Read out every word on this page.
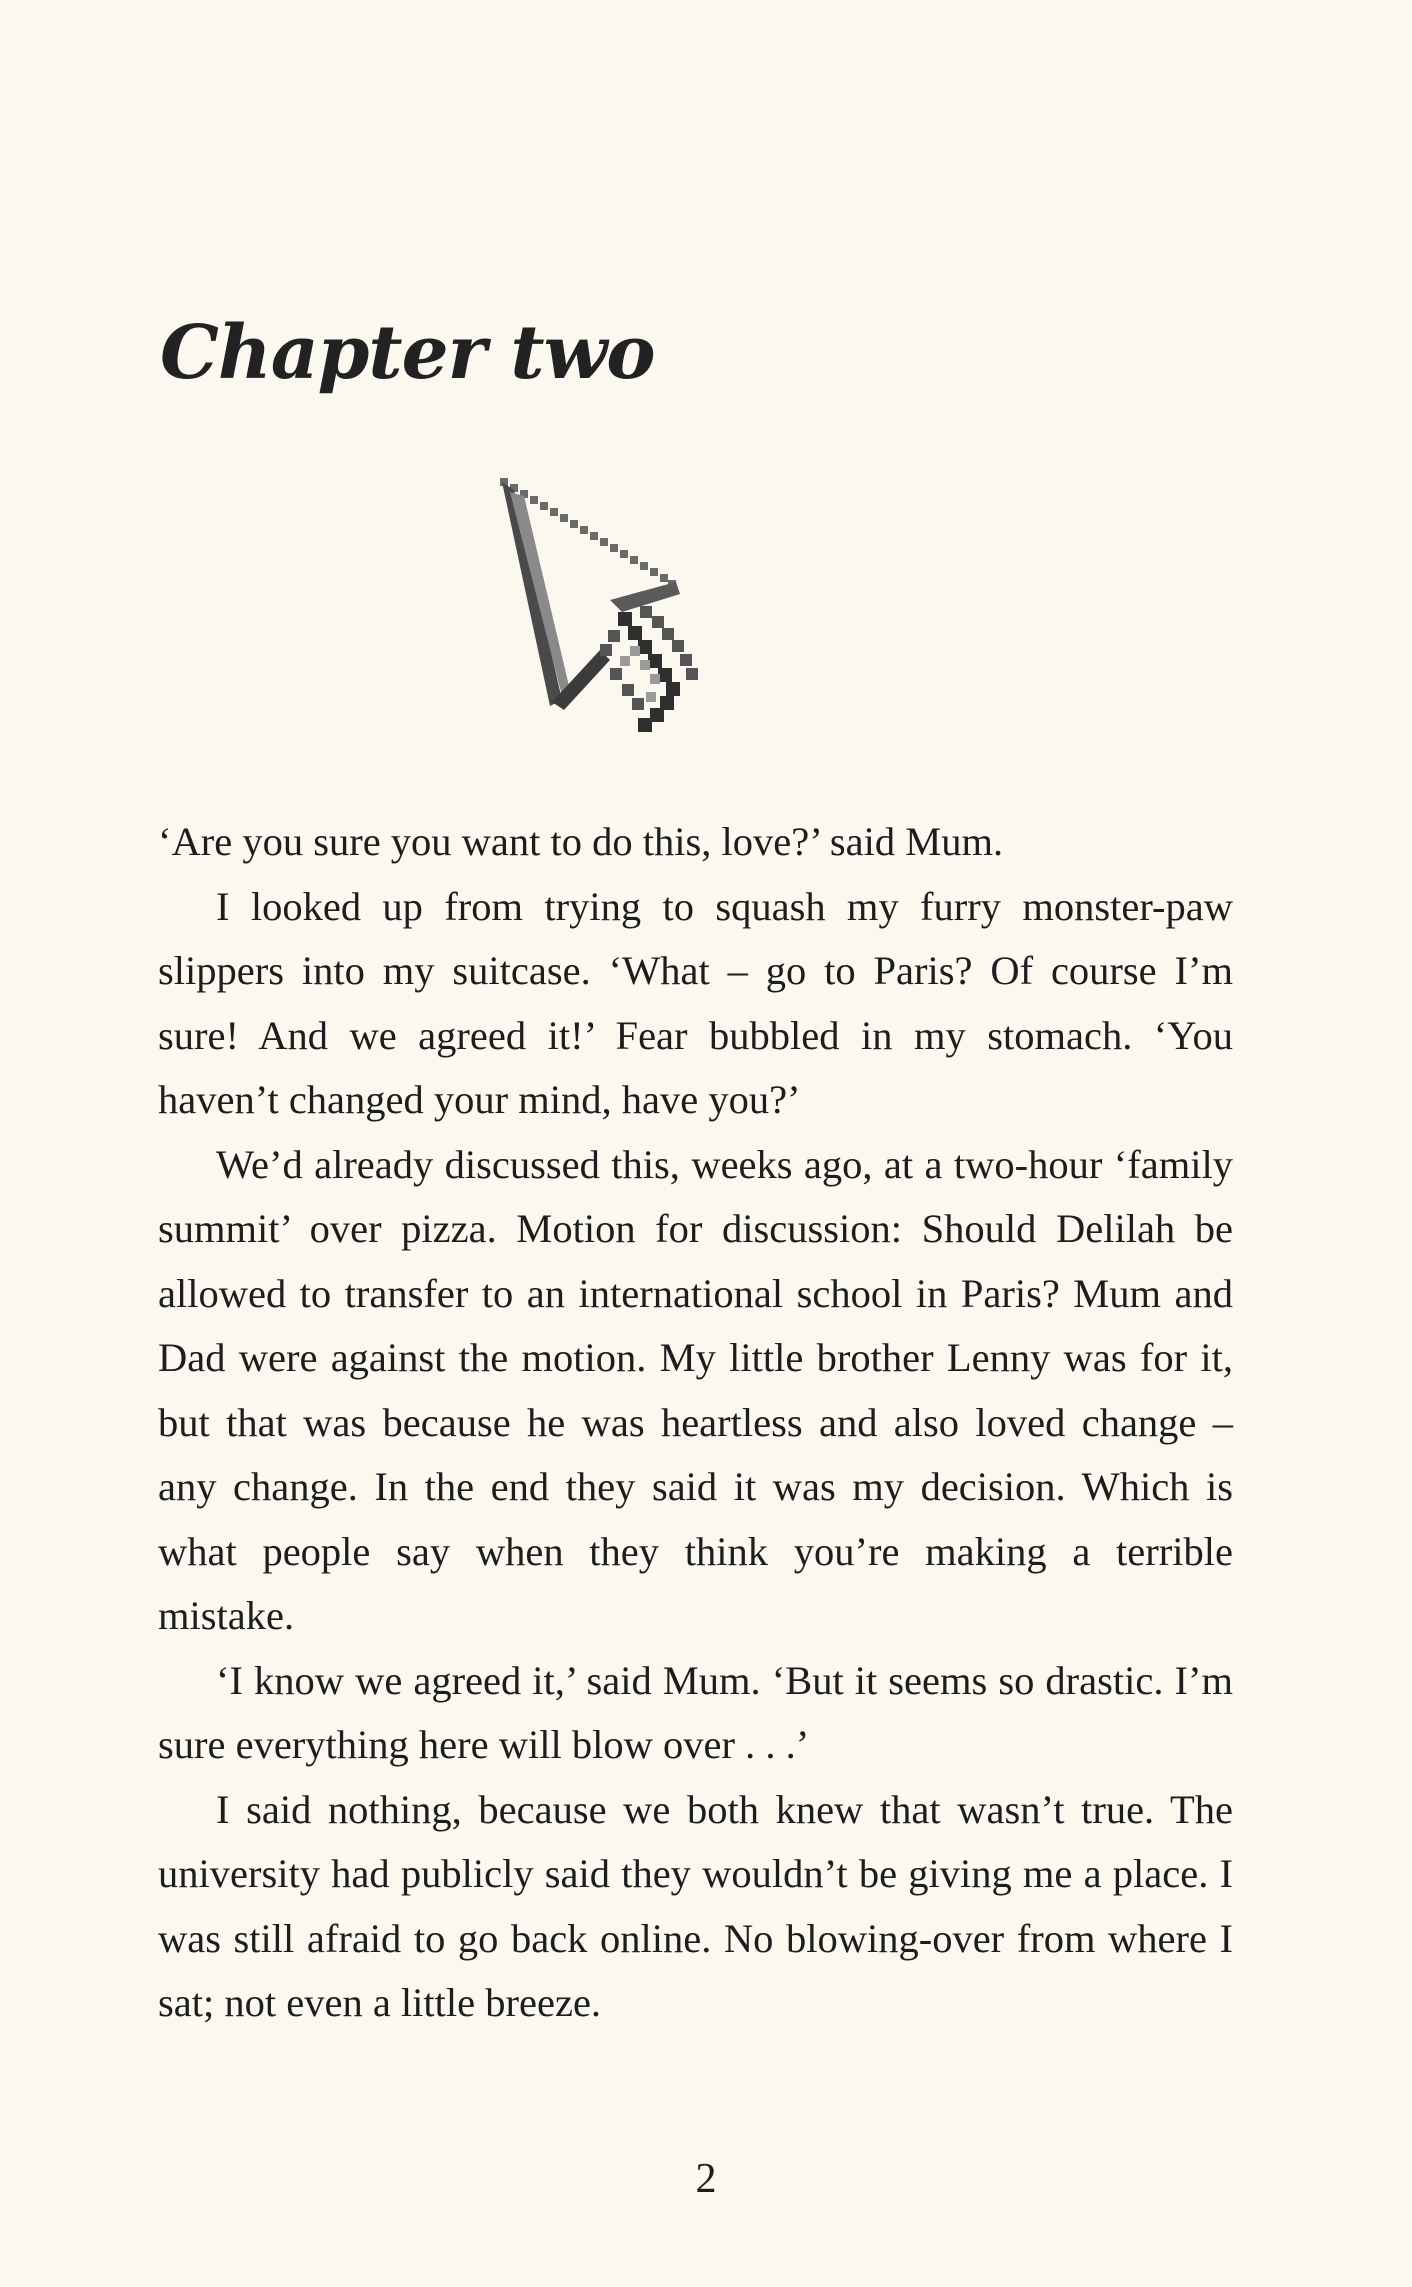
Chapter two

‘Are you sure you want to do this, love?’ said Mum.

I looked up from trying to squash my furry monster-paw slippers into my suitcase. ‘What – go to Paris? Of course I’m sure! And we agreed it!’ Fear bubbled in my stomach. ‘You haven’t changed your mind, have you?’

We’d already discussed this, weeks ago, at a two-hour ‘family summit’ over pizza. Motion for discussion: Should Delilah be allowed to transfer to an international school in Paris? Mum and Dad were against the motion. My little brother Lenny was for it, but that was because he was heartless and also loved change – any change. In the end they said it was my decision. Which is what people say when they think you’re making a terrible mistake.

‘I know we agreed it,’ said Mum. ‘But it seems so drastic. I’m sure everything here will blow over . . .’

I said nothing, because we both knew that wasn’t true. The university had publicly said they wouldn’t be giving me a place. I was still afraid to go back online. No blowing-over from where I sat; not even a little breeze.

2
